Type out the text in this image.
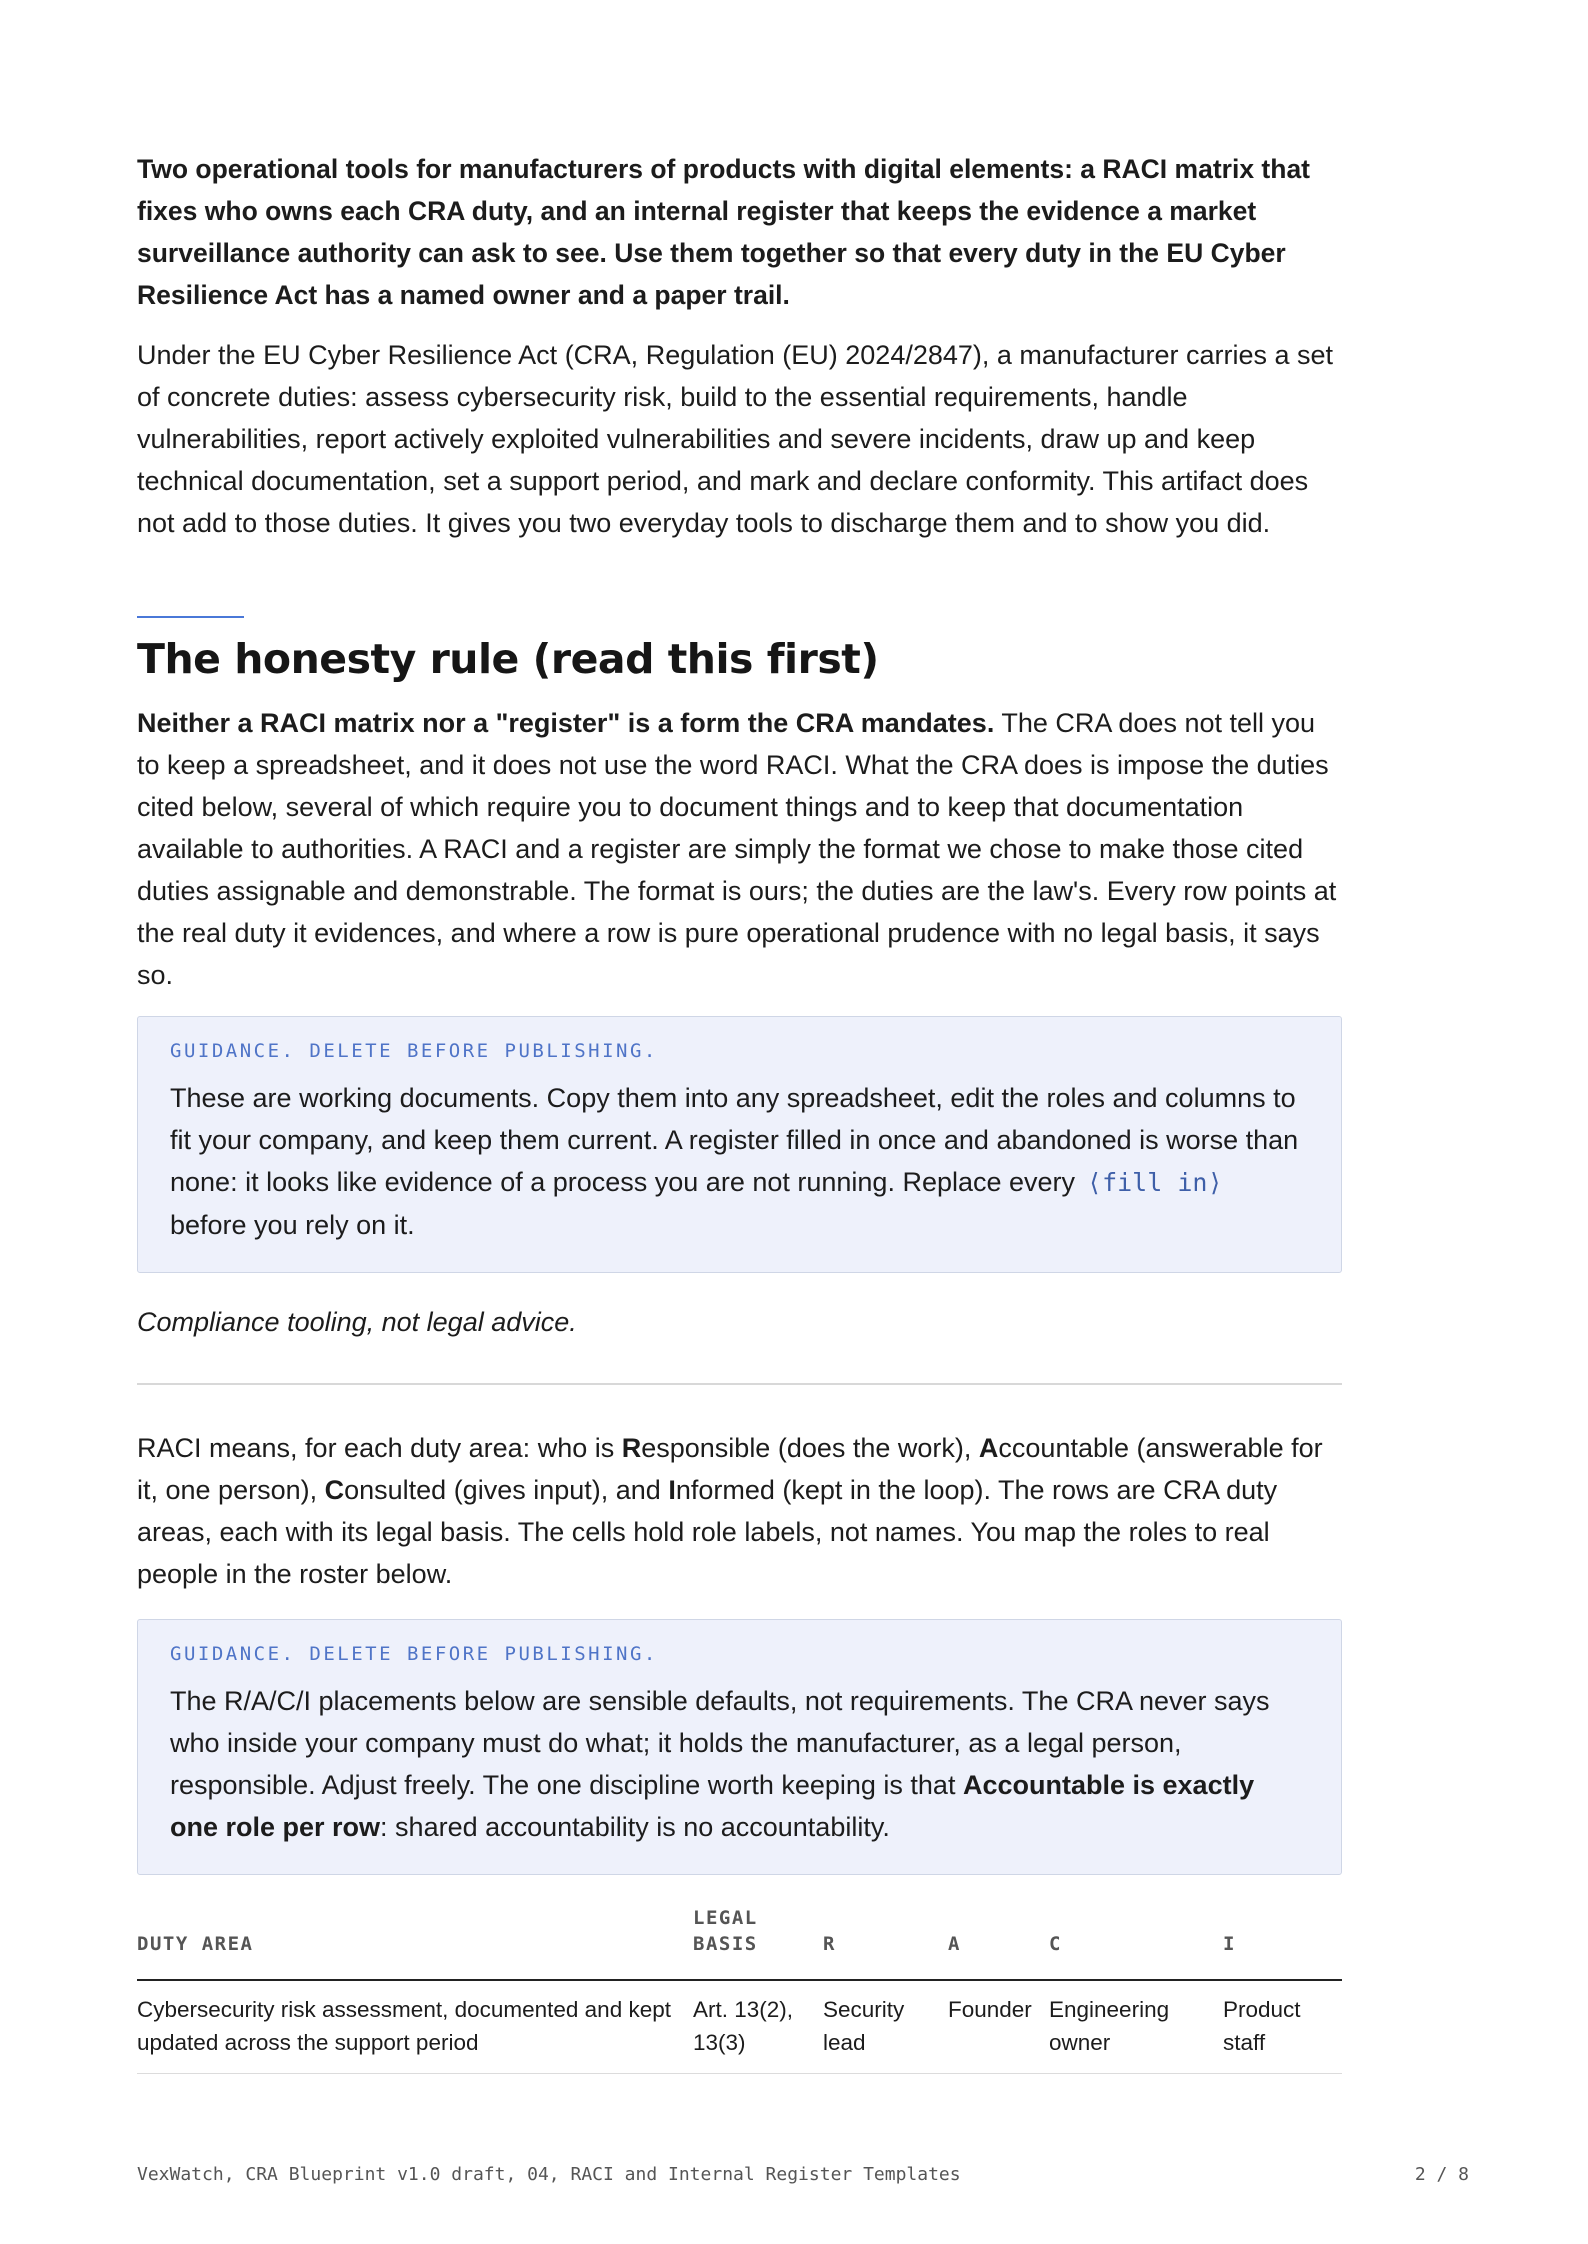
Two operational tools for manufacturers of products with digital elements: a RACI matrix that fixes who owns each CRA duty, and an internal register that keeps the evidence a market surveillance authority can ask to see. Use them together so that every duty in the EU Cyber Resilience Act has a named owner and a paper trail.

Under the EU Cyber Resilience Act (CRA, Regulation (EU) 2024/2847), a manufacturer carries a set of concrete duties: assess cybersecurity risk, build to the essential requirements, handle vulnerabilities, report actively exploited vulnerabilities and severe incidents, draw up and keep technical documentation, set a support period, and mark and declare conformity. This artifact does not add to those duties. It gives you two everyday tools to discharge them and to show you did.

The honesty rule (read this first)

Neither a RACI matrix nor a "register" is a form the CRA mandates. The CRA does not tell you to keep a spreadsheet, and it does not use the word RACI. What the CRA does is impose the duties cited below, several of which require you to document things and to keep that documentation available to authorities. A RACI and a register are simply the format we chose to make those cited duties assignable and demonstrable. The format is ours; the duties are the law's. Every row points at the real duty it evidences, and where a row is pure operational prudence with no legal basis, it says so.

GUIDANCE. DELETE BEFORE PUBLISHING.

These are working documents. Copy them into any spreadsheet, edit the roles and columns to fit your company, and keep them current. A register filled in once and abandoned is worse than none: it looks like evidence of a process you are not running. Replace every ⟨fill in⟩before you rely on it.

Compliance tooling, not legal advice.

RACI means, for each duty area: who is Responsible (does the work), Accountable (answerable for it, one person), Consulted (gives input), and Informed (kept in the loop). The rows are CRA duty areas, each with its legal basis. The cells hold role labels, not names. You map the roles to real people in the roster below.

GUIDANCE. DELETE BEFORE PUBLISHING.

The R/A/C/I placements below are sensible defaults, not requirements. The CRA never says who inside your company must do what; it holds the manufacturer, as a legal person, responsible. Adjust freely. The one discipline worth keeping is that Accountable is exactly one role per row: shared accountability is no accountability.

DUTY AREA	LEGAL BASIS	R	A	C	I
Cybersecurity risk assessment, documented and kept updated across the support period	Art. 13(2), 13(3)	Security lead	Founder	Engineering owner	Product staff
VexWatch, CRA Blueprint v1.0 draft, 04, RACI and Internal Register Templates	2 / 8
